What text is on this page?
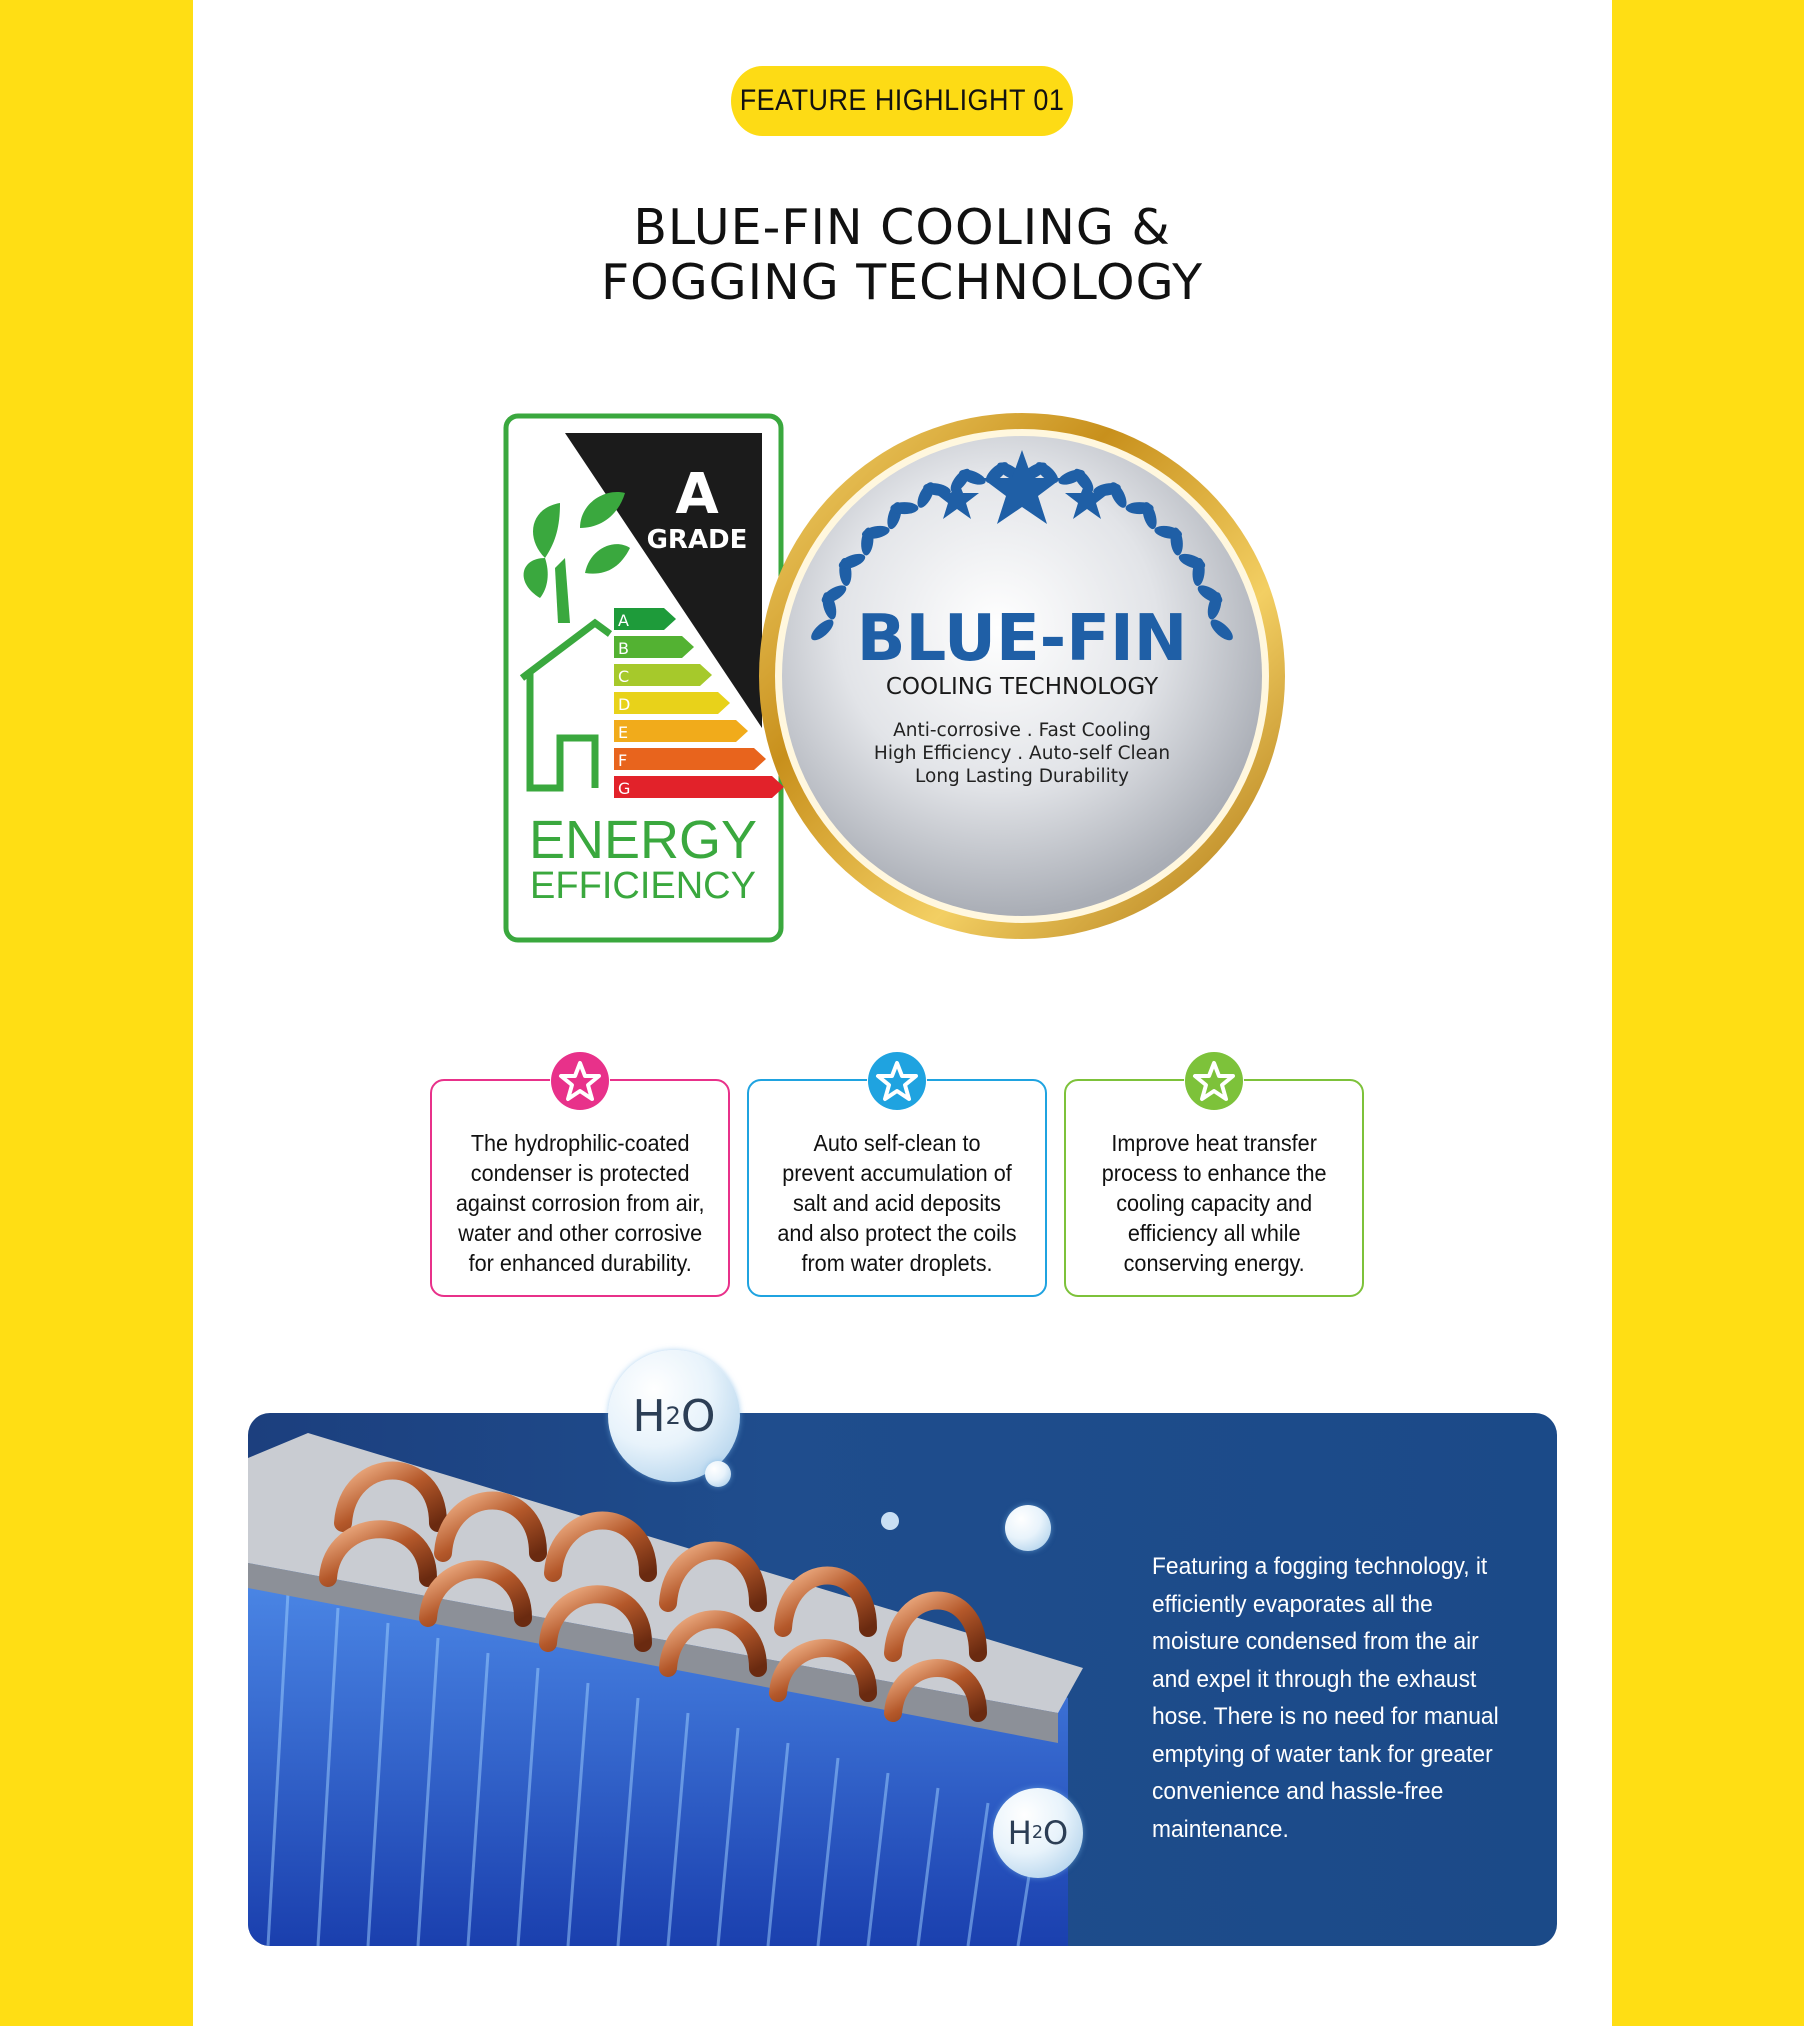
FEATURE HIGHLIGHT 01
BLUE-FIN COOLING &
FOGGING TECHNOLOGY
A
GRADE
A
B
C
D
E
F
G
ENERGY
EFFICIENCY
BLUE-FIN
COOLING TECHNOLOGY
Anti-corrosive . Fast Cooling
High Efficiency . Auto-self Clean
Long Lasting Durability
The hydrophilic-coated
condenser is protected
against corrosion from air,
water and other corrosive
for enhanced durability.
Auto self-clean to
prevent accumulation of
salt and acid deposits
and also protect the coils
from water droplets.
Improve heat transfer
process to enhance the
cooling capacity and
efficiency all while
conserving energy.
Featuring a fogging technology, it efficiently evaporates all the moisture condensed from the air and expel it through the exhaust hose. There is no need for manual emptying of water tank for greater convenience and hassle-free maintenance.
H 2 O
H 2 O
